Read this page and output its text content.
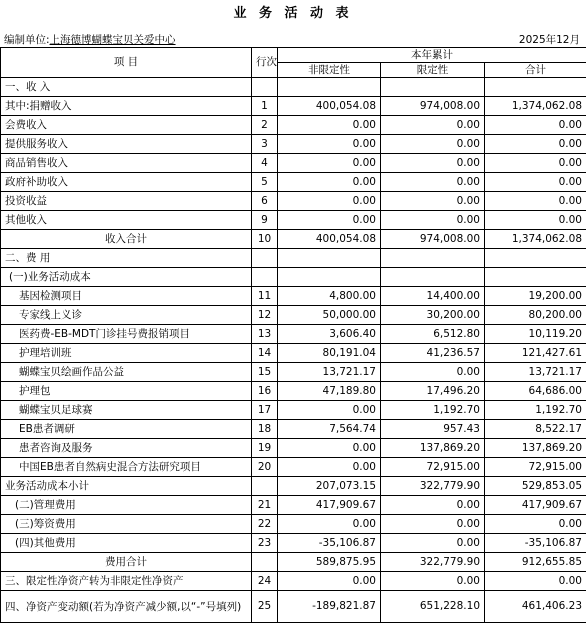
业 务 活 动 表
编制单位:上海德博蝴蝶宝贝关爱中心	2025年12月
项 目	行次	本年累计		
		非限定性	限定性	合计
一、收 入				
其中:捐赠收入	1	400,054.08	974,008.00	1,374,062.08
会费收入	2	0.00	0.00	0.00
提供服务收入	3	0.00	0.00	0.00
商品销售收入	4	0.00	0.00	0.00
政府补助收入	5	0.00	0.00	0.00
投资收益	6	0.00	0.00	0.00
其他收入	9	0.00	0.00	0.00
收入合计	10	400,054.08	974,008.00	1,374,062.08
二、费 用				
(一)业务活动成本				
基因检测项目	11	4,800.00	14,400.00	19,200.00
专家线上义诊	12	50,000.00	30,200.00	80,200.00
医药费-EB-MDT门诊挂号费报销项目	13	3,606.40	6,512.80	10,119.20
护理培训班	14	80,191.04	41,236.57	121,427.61
蝴蝶宝贝绘画作品公益	15	13,721.17	0.00	13,721.17
护理包	16	47,189.80	17,496.20	64,686.00
蝴蝶宝贝足球赛	17	0.00	1,192.70	1,192.70
EB患者调研	18	7,564.74	957.43	8,522.17
患者咨询及服务	19	0.00	137,869.20	137,869.20
中国EB患者自然病史混合方法研究项目	20	0.00	72,915.00	72,915.00
业务活动成本小计		207,073.15	322,779.90	529,853.05
(二)管理费用	21	417,909.67	0.00	417,909.67
(三)筹资费用	22	0.00	0.00	0.00
(四)其他费用	23	-35,106.87	0.00	-35,106.87
费用合计		589,875.95	322,779.90	912,655.85
三、限定性净资产转为非限定性净资产	24	0.00	0.00	0.00
四、净资产变动额(若为净资产减少额,以“-”号填列)	25	-189,821.87	651,228.10	461,406.23
